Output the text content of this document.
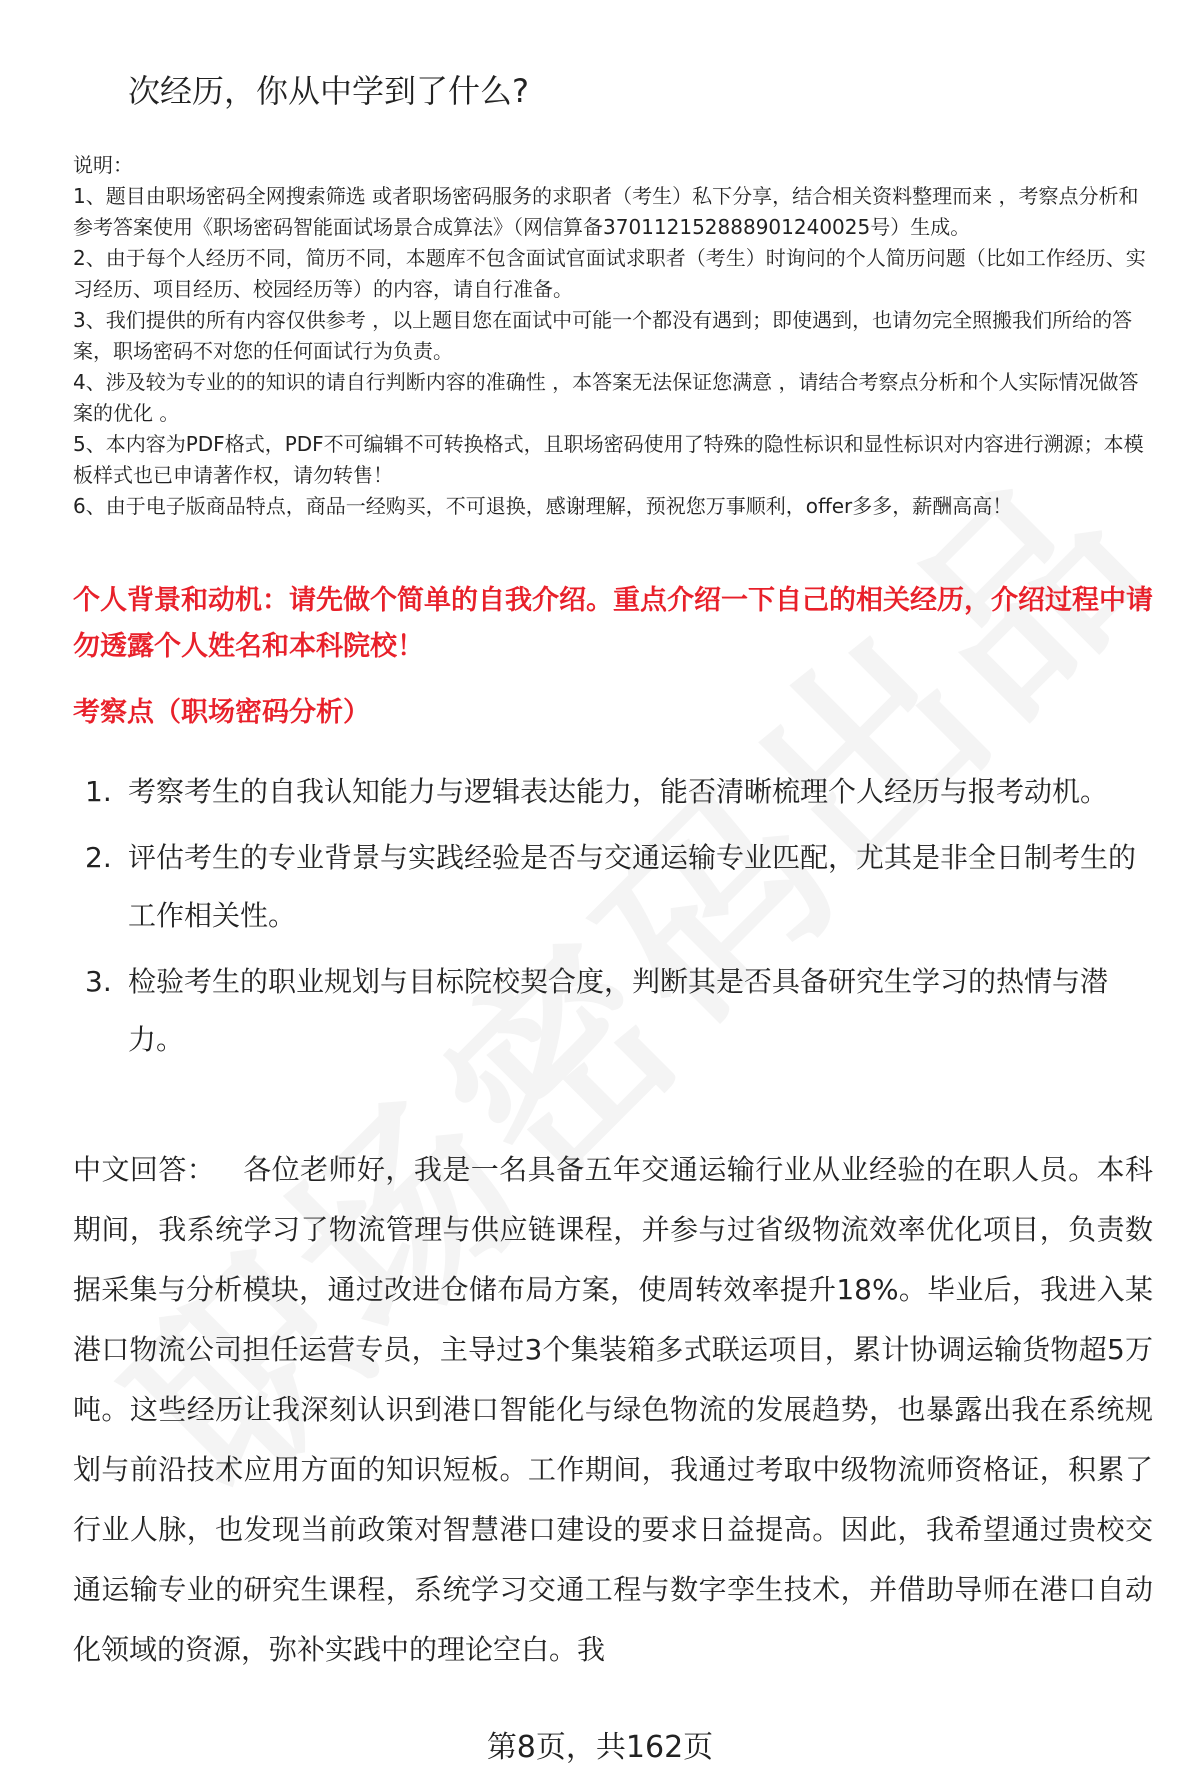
次经历，你从中学到了什么?

说明：

1、题目由职场密码全网搜索筛选 或者职场密码服务的求职者（考生）私下分享，结合相关资料整理而来 ，考察点分析和参考答案使用《职场密码智能面试场景合成算法》（网信算备370112152888901240025号）生成。

2、由于每个人经历不同，简历不同，本题库不包含面试官面试求职者（考生）时询问的个人简历问题（比如工作经历、实习经历、项目经历、校园经历等）的内容，请自行准备。

3、我们提供的所有内容仅供参考 ，以上题目您在面试中可能一个都没有遇到；即使遇到，也请勿完全照搬我们所给的答案，职场密码不对您的任何面试行为负责。

4、涉及较为专业的的知识的请自行判断内容的准确性 ，本答案无法保证您满意 ，请结合考察点分析和个人实际情况做答案的优化 。

5、本内容为PDF格式，PDF不可编辑不可转换格式，且职场密码使用了特殊的隐性标识和显性标识对内容进行溯源；本模板样式也已申请著作权，请勿转售！

6、由于电子版商品特点，商品一经购买，不可退换，感谢理解，预祝您万事顺利，offer多多，薪酬高高！

个人背景和动机：请先做个简单的自我介绍。重点介绍一下自己的相关经历，介绍过程中请勿透露个人姓名和本科院校！
考察点（职场密码分析）
1. 考察考生的自我认知能力与逻辑表达能力，能否清晰梳理个人经历与报考动机。
2. 评估考生的专业背景与实践经验是否与交通运输专业匹配，尤其是非全日制考生的工作相关性。
3. 检验考生的职业规划与目标院校契合度，判断其是否具备研究生学习的热情与潜力。
中文回答： 各位老师好，我是一名具备五年交通运输行业从业经验的在职人员。本科期间，我系统学习了物流管理与供应链课程，并参与过省级物流效率优化项目，负责数据采集与分析模块，通过改进仓储布局方案，使周转效率提升18%。毕业后，我进入某港口物流公司担任运营专员，主导过3个集装箱多式联运项目，累计协调运输货物超5万吨。这些经历让我深刻认识到港口智能化与绿色物流的发展趋势，也暴露出我在系统规划与前沿技术应用方面的知识短板。工作期间，我通过考取中级物流师资格证，积累了行业人脉，也发现当前政策对智慧港口建设的要求日益提高。因此，我希望通过贵校交通运输专业的研究生课程，系统学习交通工程与数字孪生技术，并借助导师在港口自动化领域的资源，弥补实践中的理论空白。我
第8页，共162页
